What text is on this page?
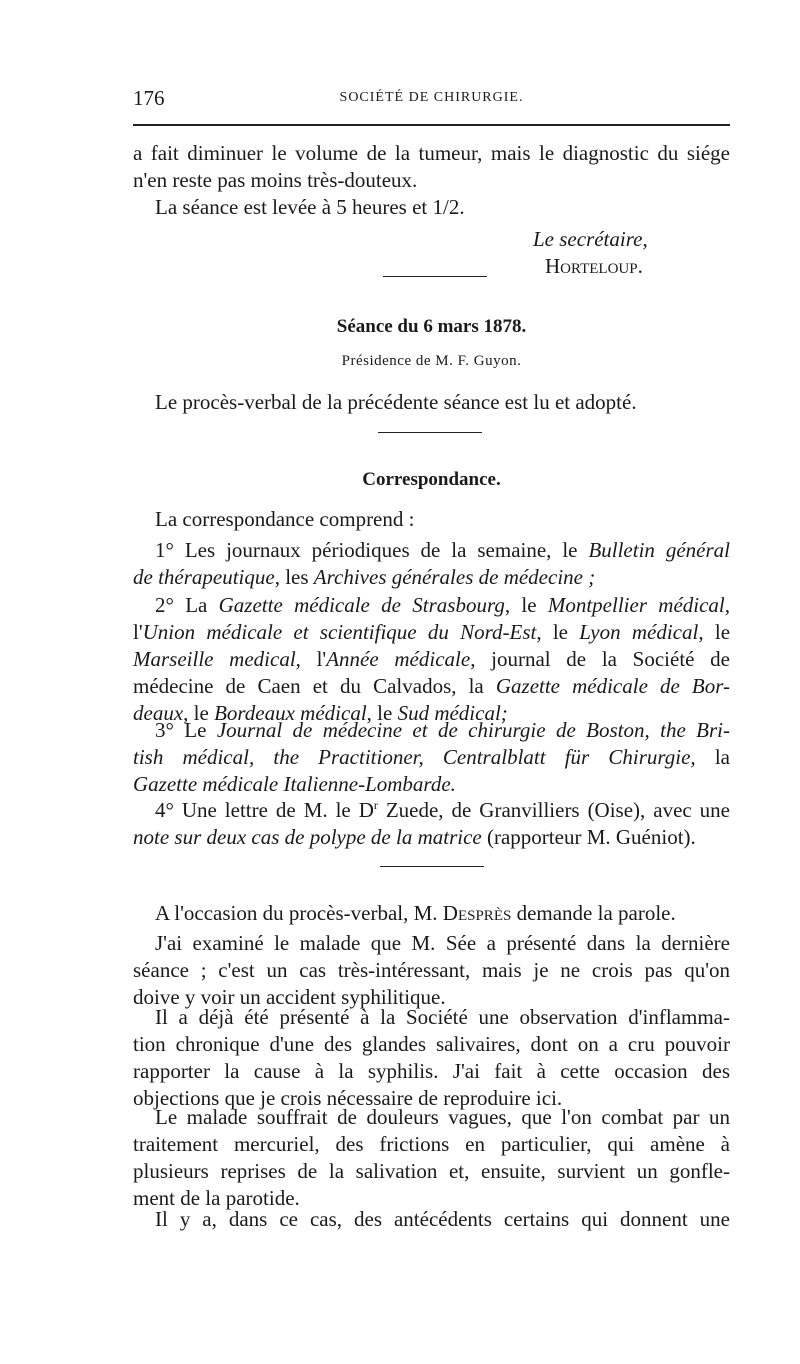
176	SOCIÉTÉ DE CHIRURGIE.
a fait diminuer le volume de la tumeur, mais le diagnostic du siége
n'en reste pas moins très-douteux.
La séance est levée à 5 heures et 1/2.
Le secrétaire,
Horteloup.
Séance du 6 mars 1878.
Présidence de M. F. Guyon.
Le procès-verbal de la précédente séance est lu et adopté.
Correspondance.
La correspondance comprend :
1° Les journaux périodiques de la semaine, le Bulletin général
de thérapeutique, les Archives générales de médecine ;
2° La Gazette médicale de Strasbourg, le Montpellier médical,
l'Union médicale et scientifique du Nord-Est, le Lyon médical, le
Marseille medical, l'Année médicale, journal de la Société de
médecine de Caen et du Calvados, la Gazette médicale de Bor-
deaux, le Bordeaux médical, le Sud médical;
3° Le Journal de médecine et de chirurgie de Boston, the Bri-
tish médical, the Practitioner, Centralblatt für Chirurgie, la
Gazette médicale Italienne-Lombarde.
4° Une lettre de M. le $D^r$ Zuede, de Granvilliers (Oise), avec une
note sur deux cas de polype de la matrice (rapporteur M. Guéniot).
A l'occasion du procès-verbal, M. Desprès demande la parole.
J'ai examiné le malade que M. Sée a présenté dans la dernière
séance ; c'est un cas très-intéressant, mais je ne crois pas qu'on
doive y voir un accident syphilitique.
Il a déjà été présenté à la Société une observation d'inflamma-
tion chronique d'une des glandes salivaires, dont on a cru pouvoir
rapporter la cause à la syphilis. J'ai fait à cette occasion des
objections que je crois nécessaire de reproduire ici.
Le malade souffrait de douleurs vagues, que l'on combat par un
traitement mercuriel, des frictions en particulier, qui amène à
plusieurs reprises de la salivation et, ensuite, survient un gonfle-
ment de la parotide.
Il y a, dans ce cas, des antécédents certains qui donnent une
